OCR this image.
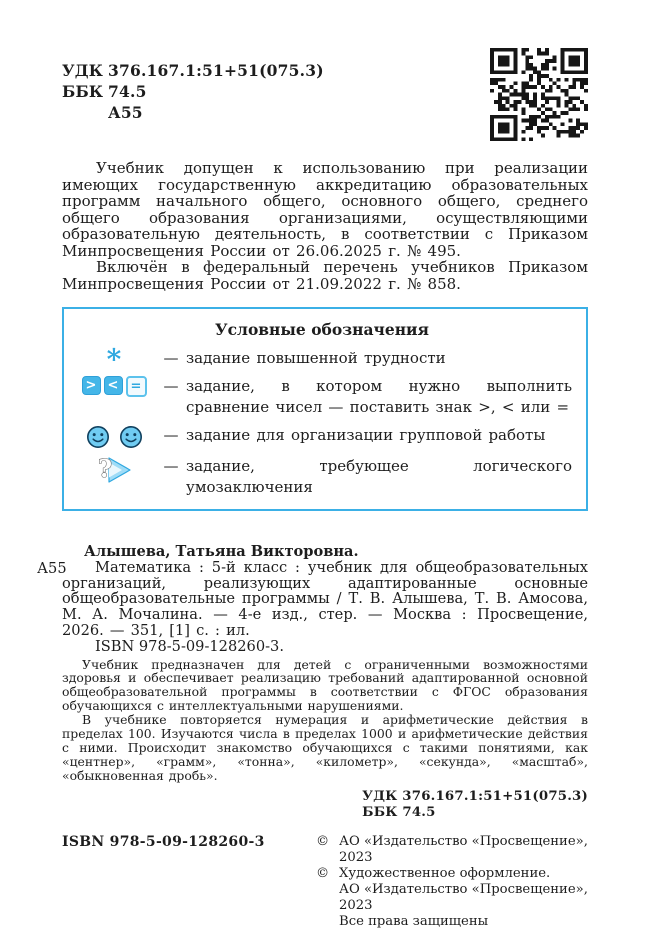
УДК 376.167.1:51+51(075.3)
ББК 74.5
А55

Учебник допущен к использованию при реализации имеющих государственную аккредитацию образовательных программ начального общего, основного общего, среднего общего образования организациями, осуществляющими образовательную деятельность, в соответствии с Приказом Минпросвещения России от 26.06.2025 г. № 495.

Включён в федеральный перечень учебников Приказом Минпросвещения России от 21.09.2022 г. № 858.

Условные обозначения
*	— задание повышенной трудности
> < =	— задание, в котором нужно выполнить сравнение чисел — поставить знак >, < или =
— задание для организации групповой работы
?	— задание, требующее логического умозаключения
А55

Алышева, Татьяна Викторовна.

Математика : 5-й класс : учебник для общеобразовательных организаций, реализующих адаптированные основные общеобразовательные программы / Т. В. Алышева, Т. В. Амосова, М. А. Мочалина. — 4-е изд., стер. — Москва : Просвещение, 2026. — 351, [1] с. : ил.

ISBN 978-5-09-128260-3.

Учебник предназначен для детей с ограниченными возможностями здоровья и обеспечивает реализацию требований адаптированной основной общеобразовательной программы в соответствии с ФГОС образования обучающихся с интеллектуальными нарушениями.

В учебнике повторяется нумерация и арифметические действия в пределах 100. Изучаются числа в пределах 1000 и арифметические действия с ними. Происходит знакомство обучающихся с такими понятиями, как «центнер», «грамм», «тонна», «километр», «секунда», «масштаб», «обыкновенная дробь».

УДК 376.167.1:51+51(075.3)
ББК 74.5
ISBN 978-5-09-128260-3	© АО «Издательство «Просвещение», 2023
© Художественное оформление.
АО «Издательство «Просвещение», 2023
Все права защищены
